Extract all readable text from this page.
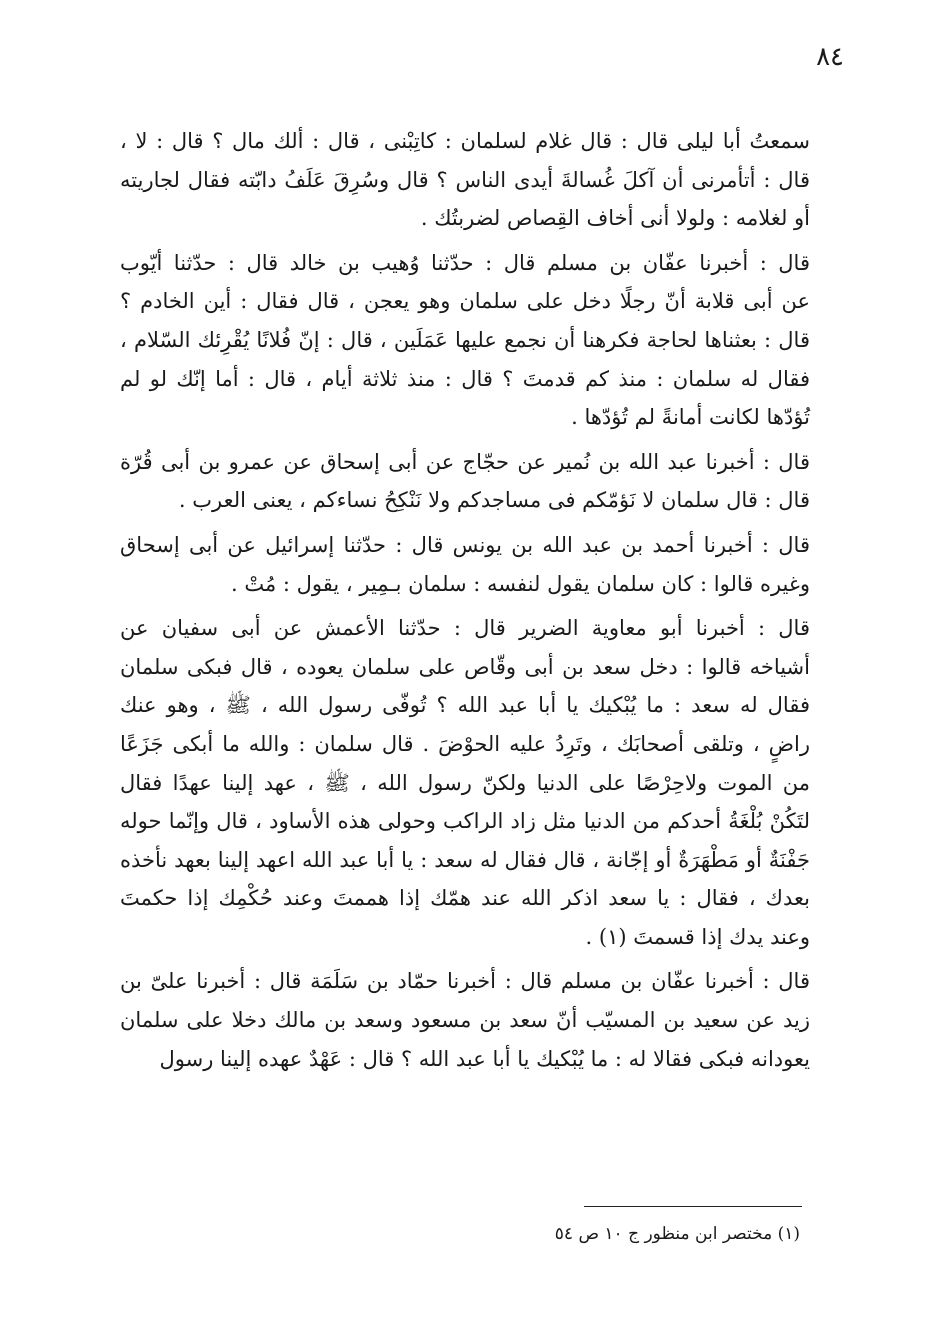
٨٤
سمعتُ أبا ليلى قال : قال غلام لسلمان : كاتِبْنى ، قال : ألك مال ؟ قال : لا ،
قال : أتأمرنى أن آكلَ غُسالةَ أيدى الناس ؟ قال وسُرِقَ عَلَفُ دابّته فقال لجاريته
أو لغلامه : ولولا أنى أخاف القِصاص لضربتُك .
قال : أخبرنا عفّان بن مسلم قال : حدّثنا وُهيب بن خالد قال : حدّثنا أيّوب
عن أبى قلابة أنّ رجلًا دخل على سلمان وهو يعجن ، قال فقال : أين الخادم ؟
قال : بعثناها لحاجة فكرهنا أن نجمع عليها عَمَلَين ، قال : إنّ فُلانًا يُقْرِئك السّلام ،
فقال له سلمان : منذ كم قدمتَ ؟ قال : منذ ثلاثة أيام ، قال : أما إنّك لو لم
تُؤدّها لكانت أمانةً لم تُؤدّها .
قال : أخبرنا عبد الله بن نُمير عن حجّاج عن أبى إسحاق عن عمرو بن أبى قُرّة
قال : قال سلمان لا نَؤمّكم فى مساجدكم ولا نَنْكِحُ نساءكم ، يعنى العرب .
قال : أخبرنا أحمد بن عبد الله بن يونس قال : حدّثنا إسرائيل عن أبى إسحاق
وغيره قالوا : كان سلمان يقول لنفسه : سلمان بـمِير ، يقول : مُتْ .
قال : أخبرنا أبو معاوية الضرير قال : حدّثنا الأعمش عن أبى سفيان عن
أشياخه قالوا : دخل سعد بن أبى وقّاص على سلمان يعوده ، قال فبكى سلمان
فقال له سعد : ما يُبْكيك يا أبا عبد الله ؟ تُوفّى رسول الله ، ﷺ ، وهو عنك
راضٍ ، وتلقى أصحابَك ، وتَرِدُ عليه الحوْضَ . قال سلمان : والله ما أبكى جَزَعًا
من الموت ولاحِرْصًا على الدنيا ولكنّ رسول الله ، ﷺ ، عهد إلينا عهدًا فقال
لتَكُنْ بُلْغَةُ أحدكم من الدنيا مثل زاد الراكب وحولى هذه الأساود ، قال وإنّما حوله
جَفْنَةٌ أو مَطْهَرَةٌ أو إجّانة ، قال فقال له سعد : يا أبا عبد الله اعهد إلينا بعهد نأخذه
بعدك ، فقال : يا سعد اذكر الله عند همّك إذا هممتَ وعند حُكْمِك إذا حكمتَ
وعند يدك إذا قسمتَ (١) .
قال : أخبرنا عفّان بن مسلم قال : أخبرنا حمّاد بن سَلَمَة قال : أخبرنا علىّ بن
زيد عن سعيد بن المسيّب أنّ سعد بن مسعود وسعد بن مالك دخلا على سلمان
يعودانه فبكى فقالا له : ما يُبْكيك يا أبا عبد الله ؟ قال : عَهْدٌ عهده إلينا رسول
(١) مختصر ابن منظور ج ١٠ ص ٥٤
